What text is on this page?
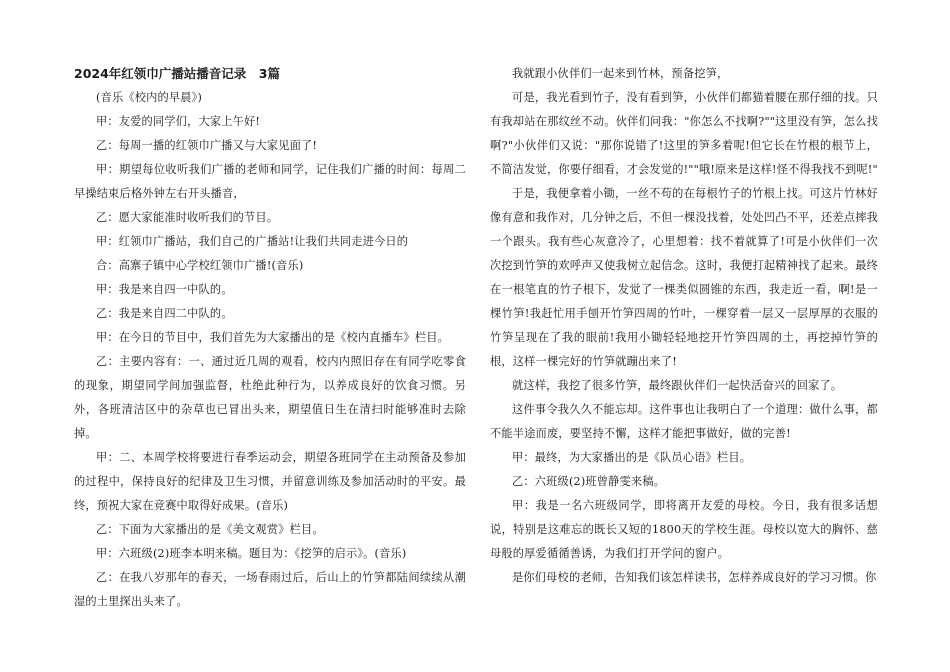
2024年红领巾广播站播音记录　3篇

(音乐《校内的早晨》)

甲：友爱的同学们，大家上午好!

乙：每周一播的红领巾广播又与大家见面了!

甲：期望每位收听我们广播的老师和同学，记住我们广播的时间：每周二早操结束后格外钟左右开头播音，

乙：愿大家能准时收听我们的节目。

甲：红领巾广播站，我们自己的广播站!让我们共同走进今日的

合：高寨子镇中心学校红领巾广播!(音乐)

甲：我是来自四一中队的。

乙：我是来自四二中队的。

甲：在今日的节目中，我们首先为大家播出的是《校内直播车》栏目。

乙：主要内容有：一、通过近几周的观看，校内内照旧存在有同学吃零食的现象，期望同学间加强监督，杜绝此种行为，以养成良好的饮食习惯。另外，各班清洁区中的杂草也已冒出头来，期望值日生在清扫时能够准时去除掉。

甲：二、本周学校将要进行春季运动会，期望各班同学在主动预备及参加的过程中，保持良好的纪律及卫生习惯，并留意训练及参加活动时的平安。最终，预祝大家在竞赛中取得好成果。(音乐)

乙：下面为大家播出的是《美文观赏》栏目。

甲：六班级(2)班李本明来稿。题目为：《挖笋的启示》。(音乐)

乙：在我八岁那年的春天，一场春雨过后，后山上的竹笋都陆间续续从潮湿的土里探出头来了。

我就跟小伙伴们一起来到竹林，预备挖笋，

可是，我光看到竹子，没有看到笋，小伙伴们都猫着腰在那仔细的找。只有我却站在那纹丝不动。伙伴们问我："你怎么不找啊?""这里没有笋，怎么找啊?"小伙伴们又说："那你说错了!这里的笋多着呢!但它长在竹根的根节上，不简洁发觉，你要仔细看，才会发觉的!""哦!原来是这样!怪不得我找不到呢!"

于是，我便拿着小锄，一丝不苟的在每根竹子的竹根上找。可这片竹林好像有意和我作对，几分钟之后，不但一棵没找着，处处凹凸不平，还差点摔我一个跟头。我有些心灰意冷了，心里想着：找不着就算了!可是小伙伴们一次次挖到竹笋的欢呼声又使我树立起信念。这时，我便打起精神找了起来。最终在一根笔直的竹子根下，发觉了一棵类似圆锥的东西，我走近一看，啊!是一棵竹笋!我赶忙用手刨开竹笋四周的竹叶，一棵穿着一层又一层厚厚的衣服的竹笋呈现在了我的眼前!我用小锄轻轻地挖开竹笋四周的土，再挖掉竹笋的根，这样一棵完好的竹笋就蹦出来了!

就这样，我挖了很多竹笋，最终跟伙伴们一起快活奋兴的回家了。

这件事令我久久不能忘却。这件事也让我明白了一个道理：做什么事，都不能半途而废，要坚持不懈，这样才能把事做好，做的完善!

甲：最终，为大家播出的是《队员心语》栏目。

乙：六班级(2)班曾静雯来稿。

甲：我是一名六班级同学，即将离开友爱的母校。今日，我有很多话想说，特别是这难忘的既长又短的1800天的学校生涯。母校以宽大的胸怀、慈母般的厚爱循循善诱，为我们打开学问的窗户。

是你们母校的老师，告知我们该怎样读书，怎样养成良好的学习习惯。你
